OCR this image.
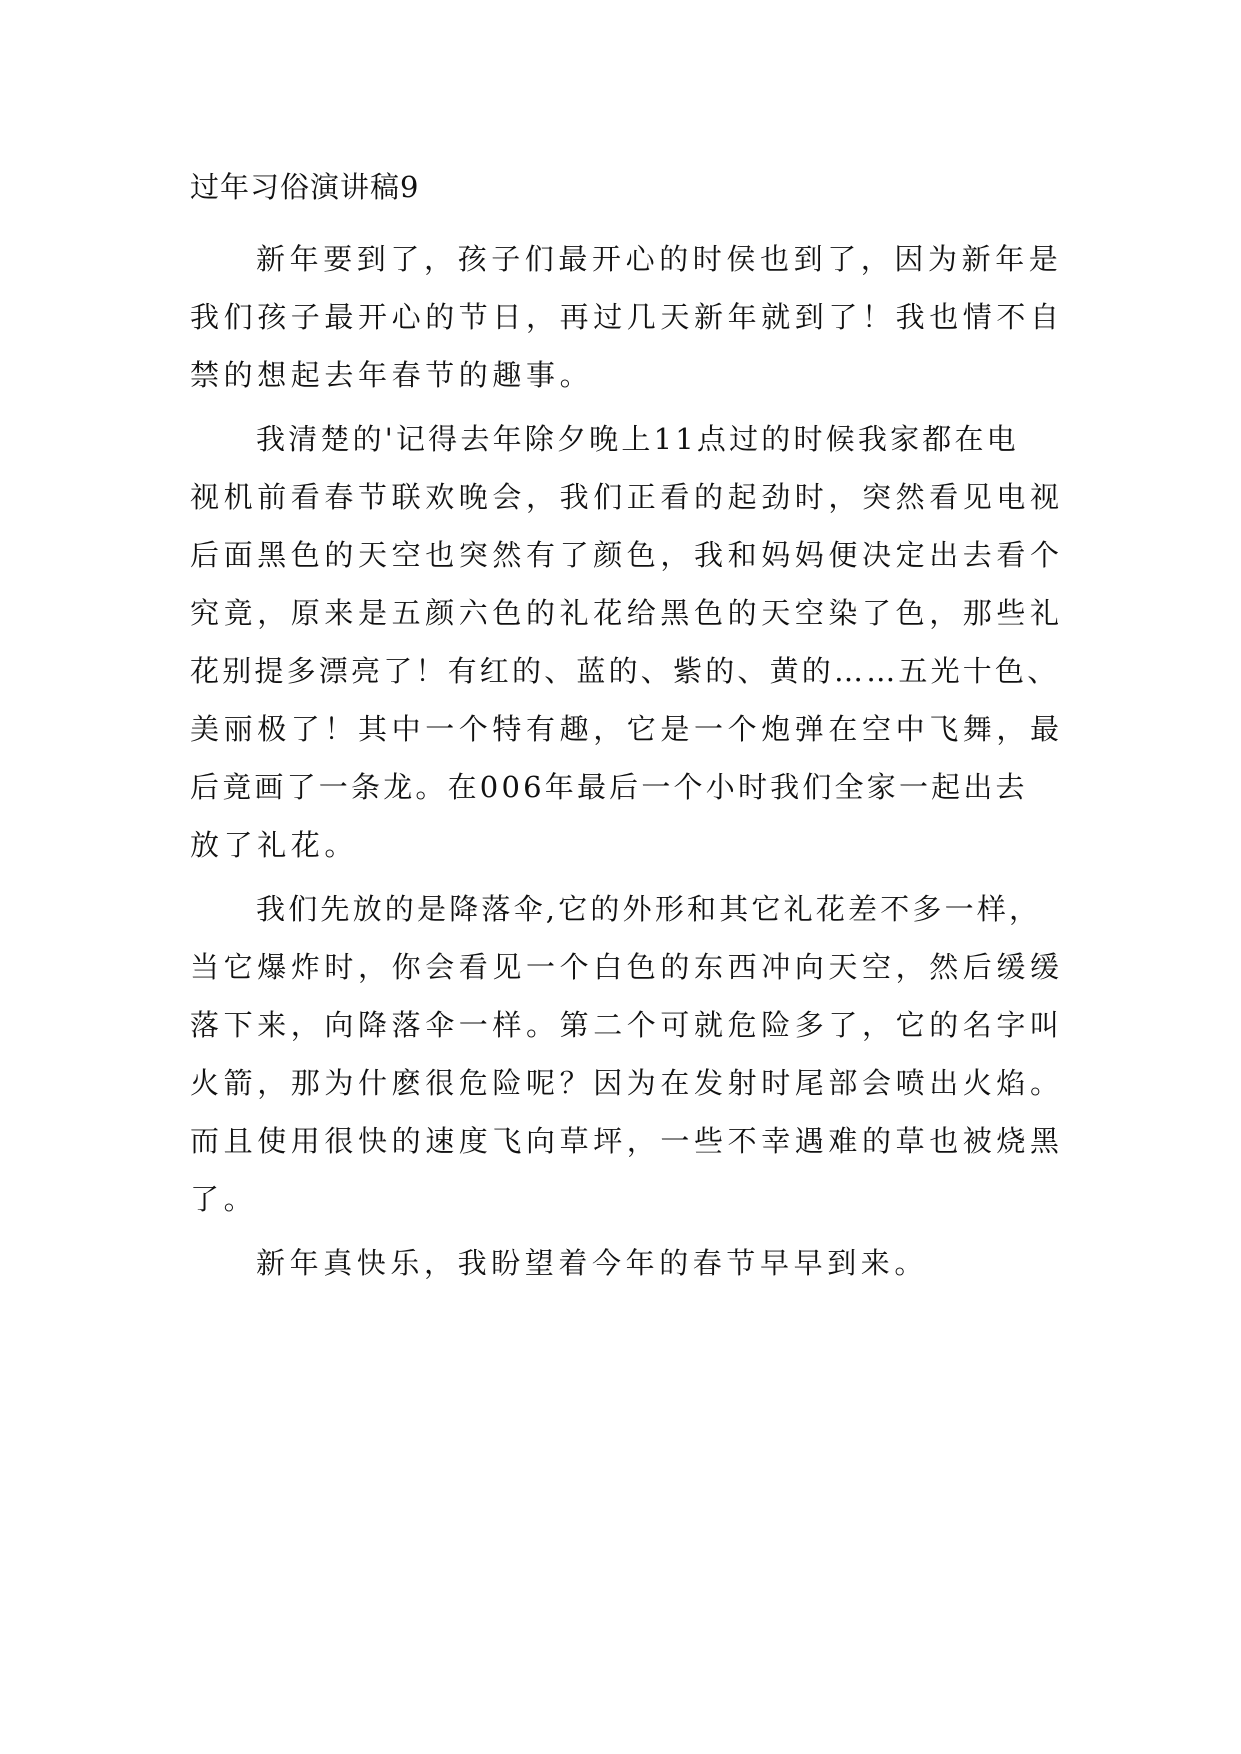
过年习俗演讲稿9

新年要到了，孩子们最开心的时侯也到了，因为新年是
我们孩子最开心的节日，再过几天新年就到了！我也情不自
禁的想起去年春节的趣事。

我清楚的'记得去年除夕晚上11点过的时候我家都在电
视机前看春节联欢晚会，我们正看的起劲时，突然看见电视
后面黑色的天空也突然有了颜色，我和妈妈便决定出去看个
究竟，原来是五颜六色的礼花给黑色的天空染了色，那些礼
花别提多漂亮了！有红的、蓝的、紫的、黄的……五光十色、
美丽极了！其中一个特有趣，它是一个炮弹在空中飞舞，最
后竟画了一条龙。在006年最后一个小时我们全家一起出去
放了礼花。

我们先放的是降落伞,它的外形和其它礼花差不多一样，
当它爆炸时，你会看见一个白色的东西冲向天空，然后缓缓
落下来，向降落伞一样。第二个可就危险多了，它的名字叫
火箭，那为什麽很危险呢？因为在发射时尾部会喷出火焰。
而且使用很快的速度飞向草坪，一些不幸遇难的草也被烧黑
了。

新年真快乐，我盼望着今年的春节早早到来。
